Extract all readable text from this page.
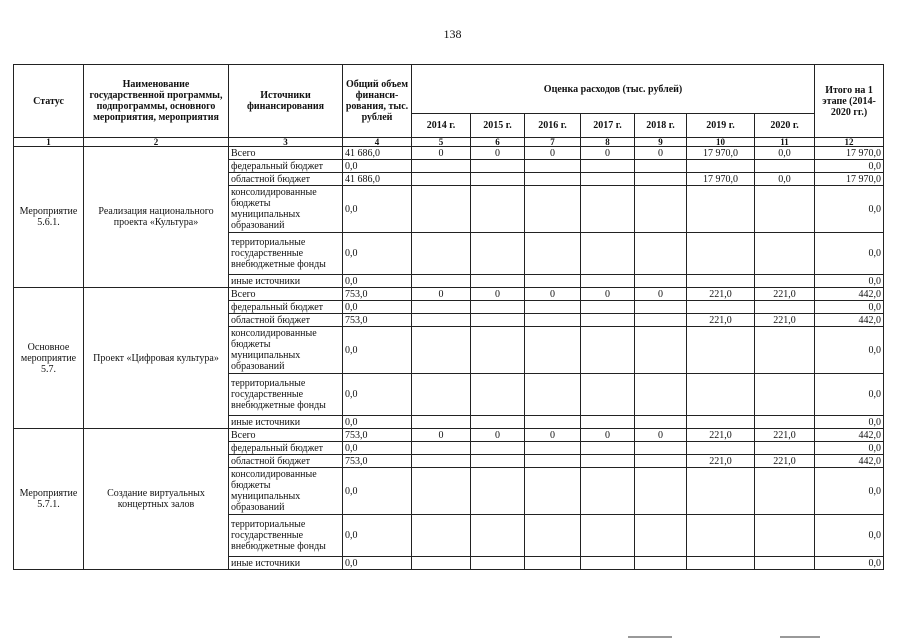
138
Статус	Наименование государственной программы, подпрограммы, основного мероприятия, мероприятия	Источники финансирования	Общий объем финанси-рования, тыс. рублей	Оценка расходов (тыс. рублей)							Итого на 1 этапе (2014-2020 гг.)
				2014 г.	2015 г.	2016 г.	2017 г.	2018 г.	2019 г.	2020 г.	
1	2	3	4	5	6	7	8	9	10	11	12
Мероприятие 5.6.1.	Реализация национального проекта «Культура»	Всего	41 686,0	0	0	0	0	0	17 970,0	0,0	17 970,0
		федеральный бюджет	0,0								0,0
		областной бюджет	41 686,0						17 970,0	0,0	17 970,0
		консолидированные бюджеты муниципальных образований	0,0								0,0
		территориальные государственные внебюджетные фонды	0,0								0,0
		иные источники	0,0								0,0
Основное мероприятие 5.7.	Проект «Цифровая культура»	Всего	753,0	0	0	0	0	0	221,0	221,0	442,0
		федеральный бюджет	0,0								0,0
		областной бюджет	753,0						221,0	221,0	442,0
		консолидированные бюджеты муниципальных образований	0,0								0,0
		территориальные государственные внебюджетные фонды	0,0								0,0
		иные источники	0,0								0,0
Мероприятие 5.7.1.	Создание виртуальных концертных залов	Всего	753,0	0	0	0	0	0	221,0	221,0	442,0
		федеральный бюджет	0,0								0,0
		областной бюджет	753,0						221,0	221,0	442,0
		консолидированные бюджеты муниципальных образований	0,0								0,0
		территориальные государственные внебюджетные фонды	0,0								0,0
		иные источники	0,0								0,0
